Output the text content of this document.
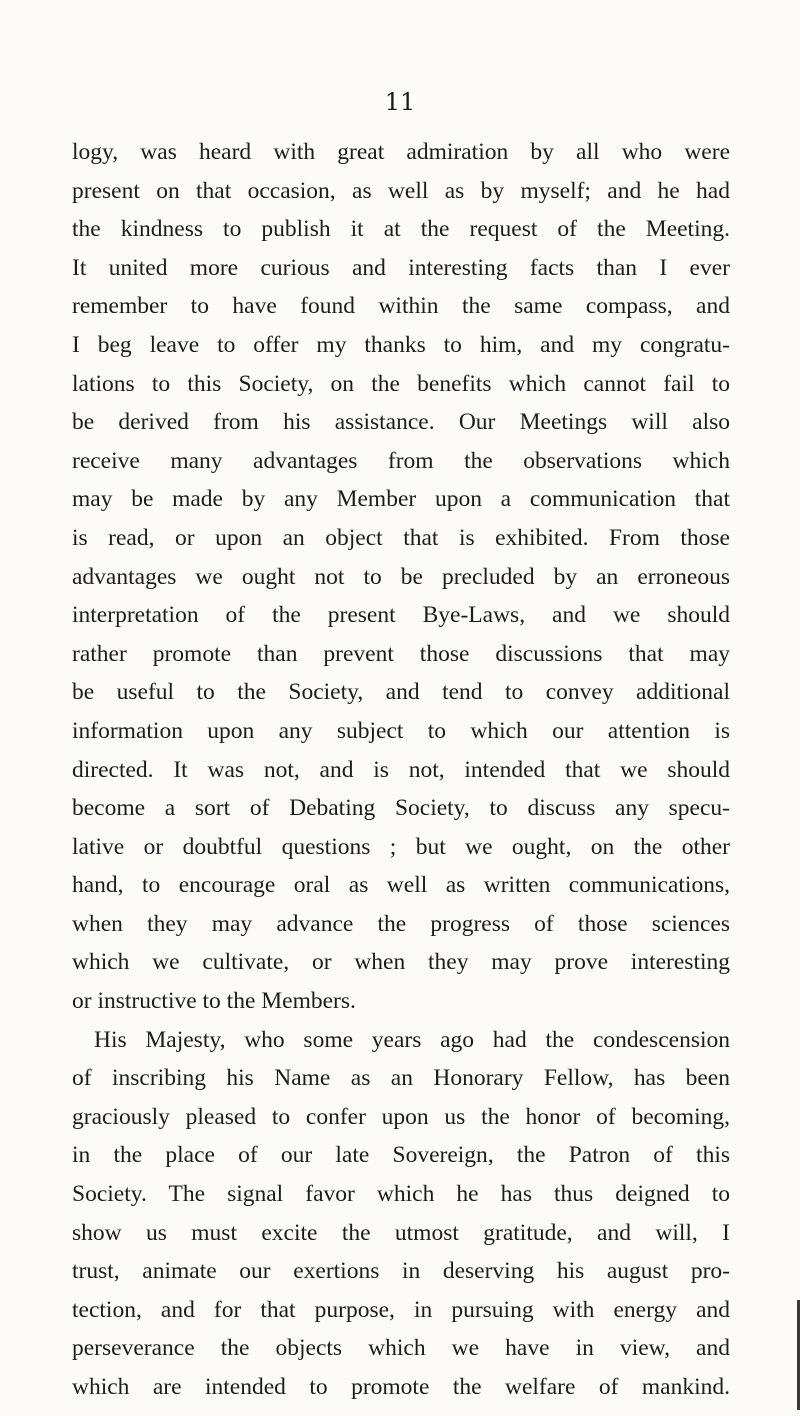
11
logy, was heard with great admiration by all who were
present on that occasion, as well as by myself; and he had
the kindness to publish it at the request of the Meeting.
It united more curious and interesting facts than I ever
remember to have found within the same compass, and
I beg leave to offer my thanks to him, and my congratu-
lations to this Society, on the benefits which cannot fail to
be derived from his assistance. Our Meetings will also
receive many advantages from the observations which
may be made by any Member upon a communication that
is read, or upon an object that is exhibited. From those
advantages we ought not to be precluded by an erroneous
interpretation of the present Bye-Laws, and we should
rather promote than prevent those discussions that may
be useful to the Society, and tend to convey additional
information upon any subject to which our attention is
directed. It was not, and is not, intended that we should
become a sort of Debating Society, to discuss any specu-
lative or doubtful questions ; but we ought, on the other
hand, to encourage oral as well as written communications,
when they may advance the progress of those sciences
which we cultivate, or when they may prove interesting
or instructive to the Members.
His Majesty, who some years ago had the condescension
of inscribing his Name as an Honorary Fellow, has been
graciously pleased to confer upon us the honor of becoming,
in the place of our late Sovereign, the Patron of this
Society. The signal favor which he has thus deigned to
show us must excite the utmost gratitude, and will, I
trust, animate our exertions in deserving his august pro-
tection, and for that purpose, in pursuing with energy and
perseverance the objects which we have in view, and
which are intended to promote the welfare of mankind.
